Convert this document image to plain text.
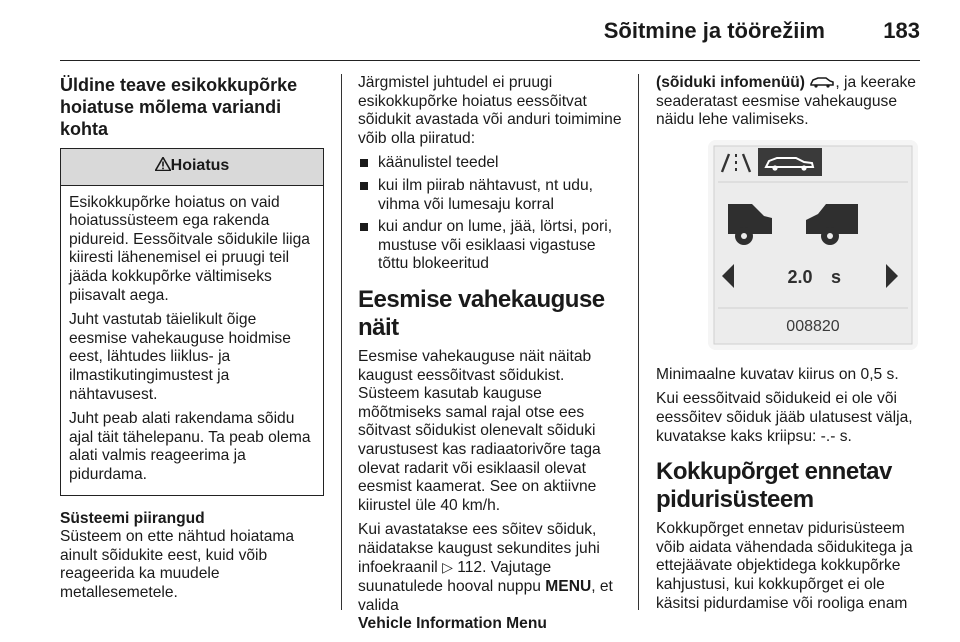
Sõitmine ja töörežiim	183
Üldine teave esikokkupõrke hoiatuse mõlema variandi kohta
Hoiatus

Esikokkupõrke hoiatus on vaid hoiatussüsteem ega rakenda pidureid. Eessõitvale sõidukile liiga kiiresti lähenemisel ei pruugi teil jääda kokkupõrke vältimiseks piisavalt aega.

Juht vastutab täielikult õige eesmise vahekauguse hoidmise eest, lähtudes liiklus- ja ilmastikutingimustest ja nähtavusest.

Juht peab alati rakendama sõidu ajal täit tähelepanu. Ta peab olema alati valmis reageerima ja pidurdama.

Süsteemi piirangud

Süsteem on ette nähtud hoiatama ainult sõidukite eest, kuid võib reageerida ka muudele metallesemetele.

Järgmistel juhtudel ei pruugi esikokkupõrke hoiatus eessõitvat sõidukit avastada või anduri toimimine võib olla piiratud:

käänulistel teedel
kui ilm piirab nähtavust, nt udu, vihma või lumesaju korral
kui andur on lume, jää, lörtsi, pori, mustuse või esiklaasi vigastuse tõttu blokeeritud
Eesmise vahekauguse näit

Eesmise vahekauguse näit näitab kaugust eessõitvast sõidukist. Süsteem kasutab kauguse mõõtmiseks samal rajal otse ees sõitvast sõidukist olenevalt sõiduki varustusest kas radiaatorivõre taga olevat radarit või esiklaasil olevat eesmist kaamerat. See on aktiivne kiirustel üle 40 km/h.

Kui avastatakse ees sõitev sõiduk, näidatakse kaugust sekundites juhi infoekraanil ▷ 112. Vajutage suunatulede hooval nuppu MENU, et valida
Vehicle Information Menu

(sõiduki infomenüü) , ja keerake seaderatast eesmise vahekauguse näidu lehe valimiseks.

2.0 s
008820

Minimaalne kuvatav kiirus on 0,5 s.

Kui eessõitvaid sõidukeid ei ole või eessõitev sõiduk jääb ulatusest välja, kuvatakse kaks kriipsu: -.- s.

Kokkupõrget ennetav pidurisüsteem

Kokkupõrget ennetav pidurisüsteem võib aidata vähendada sõidukitega ja ettejäävate objektidega kokkupõrke kahjustusi, kui kokkupõrget ei ole käsitsi pidurdamise või rooliga enam
